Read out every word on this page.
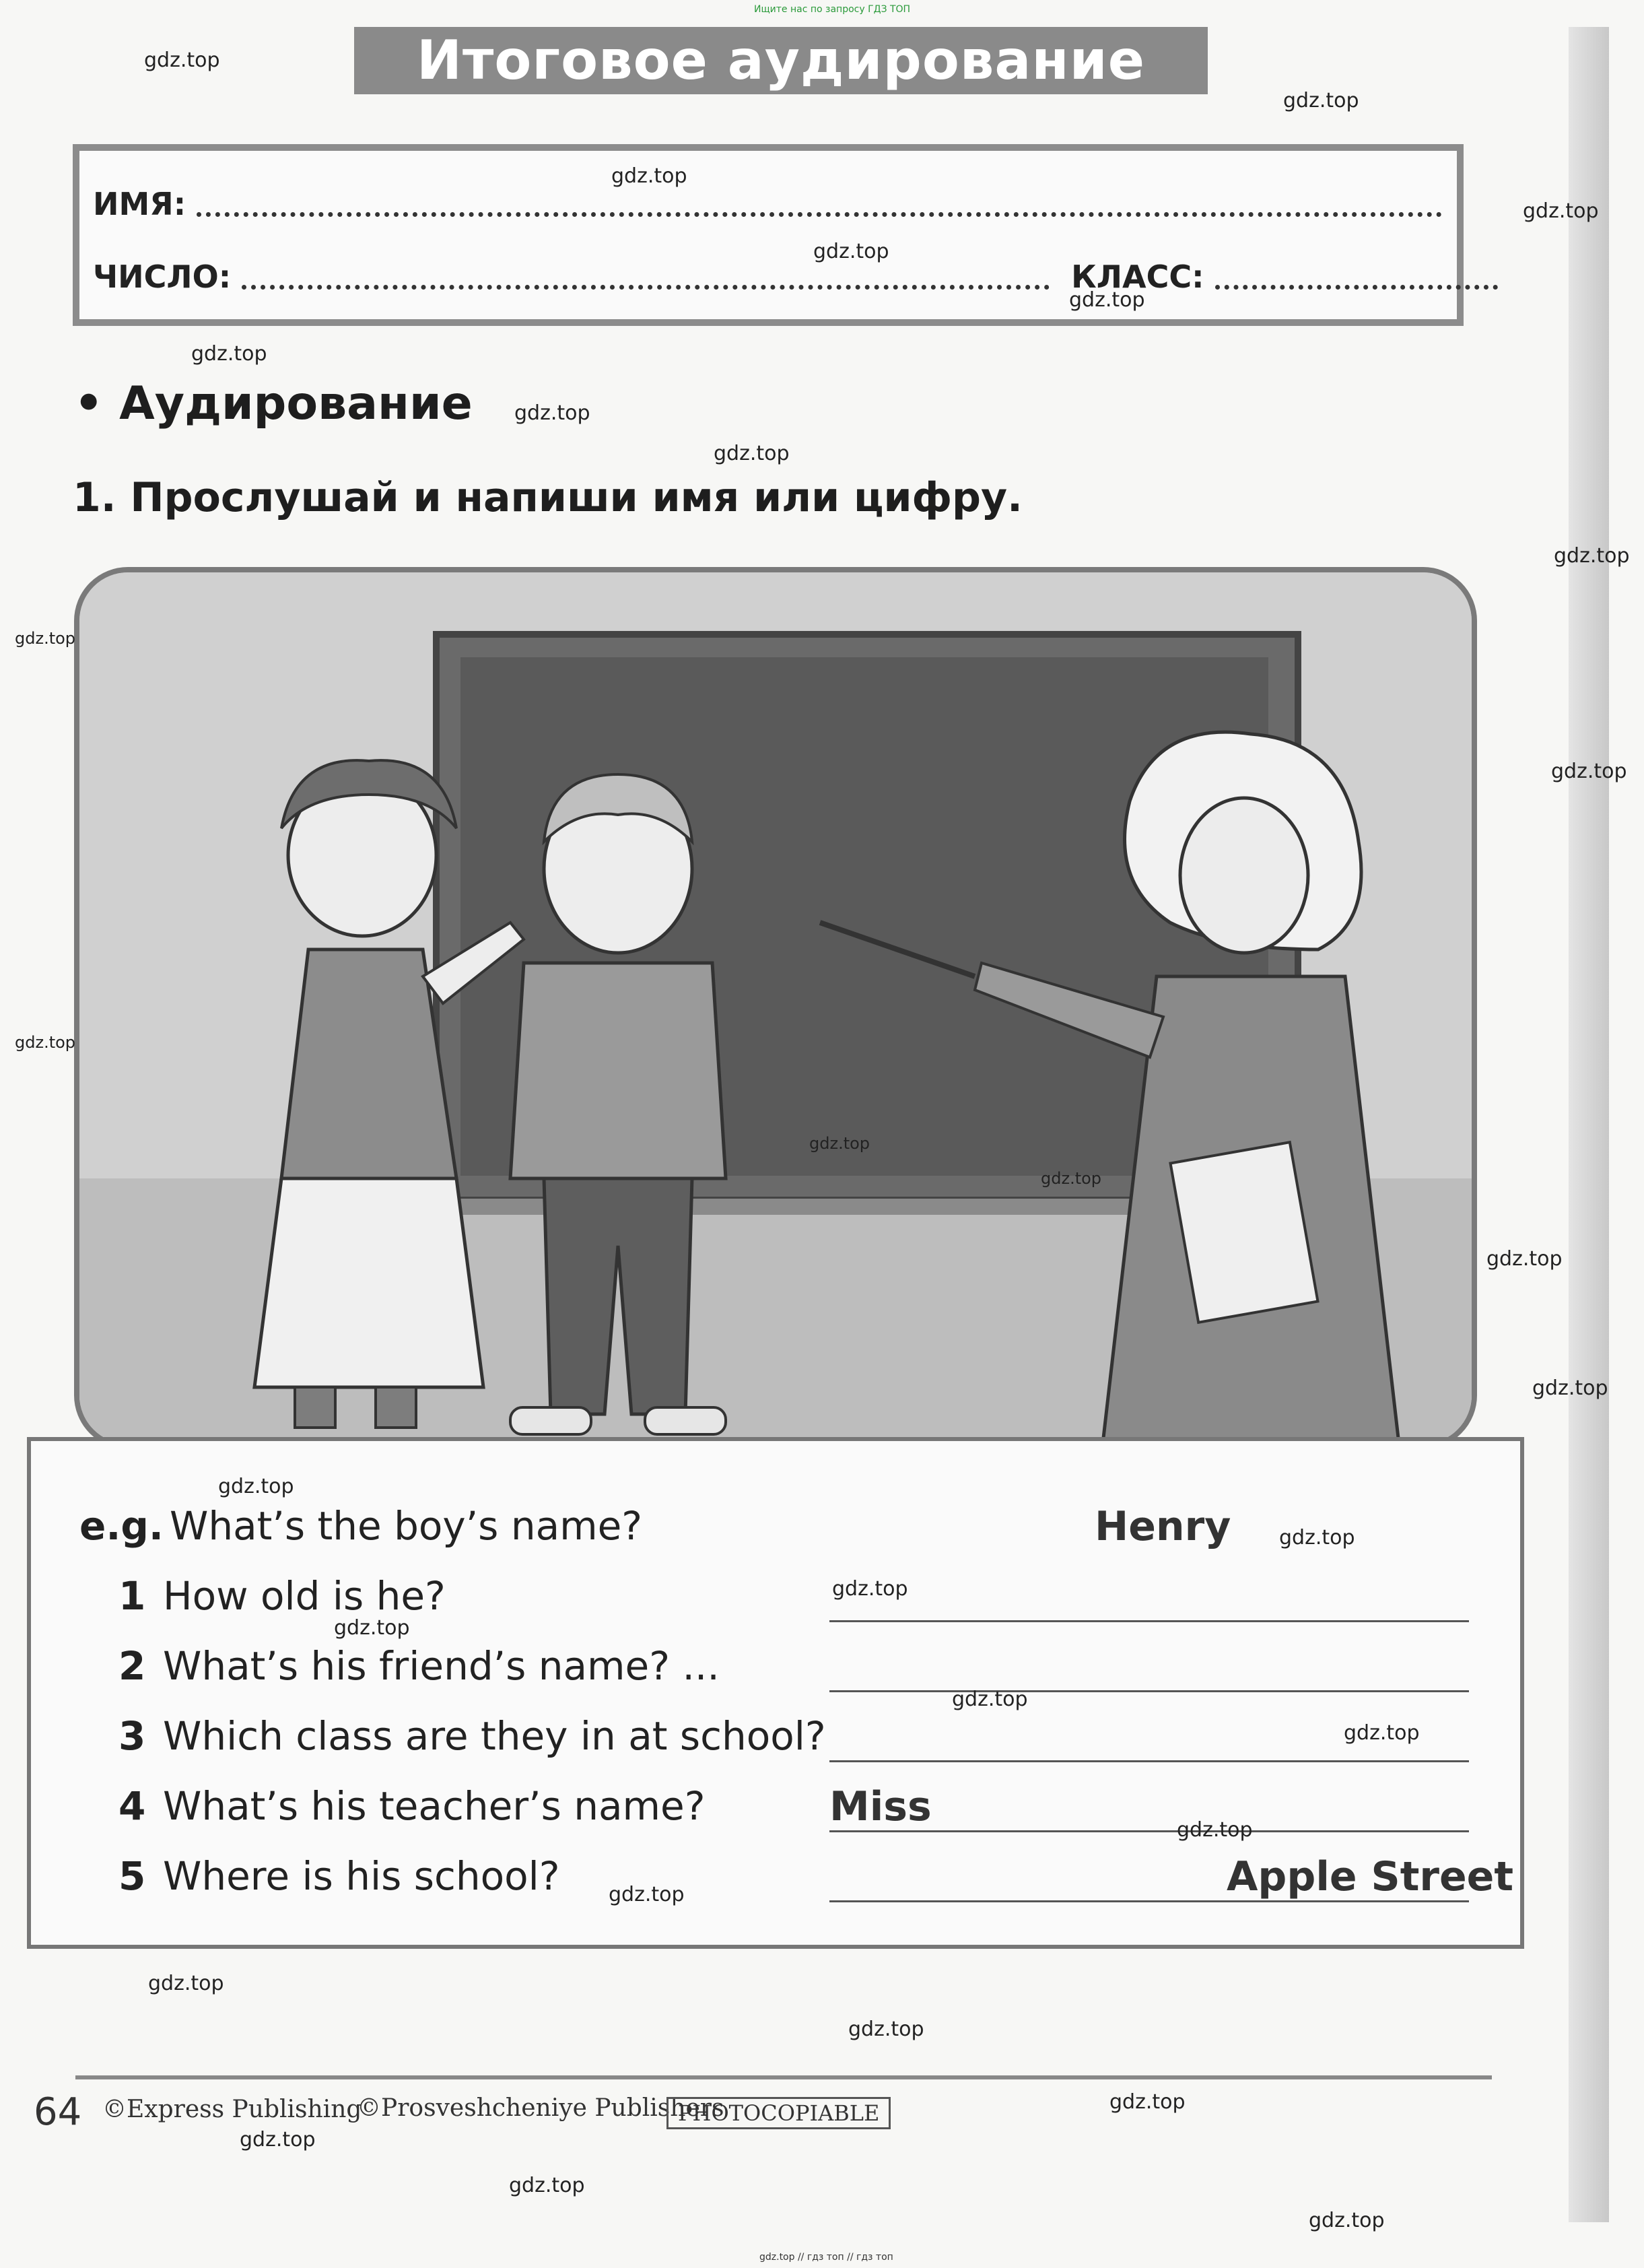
Ищите нас по запросу ГДЗ ТОП
Итоговое аудирование
ИМЯ:
ЧИСЛО:	КЛАСС:
• Аудирование
1. Прослушай и напиши имя или цифру.
e.g. What’s the boy’s name?	Henry
1 How old is he?
2 What’s his friend’s name? ...
3 Which class are they in at school?
4 What’s his teacher’s name?	Miss
5 Where is his school?	Apple Street
64 ©Express Publishing
©Prosveshcheniye Publishers
PHOTOCOPIABLE
gdz.top
gdz.top
gdz.top
gdz.top
gdz.top
gdz.top
gdz.top
gdz.top
gdz.top
gdz.top
gdz.top
gdz.top
gdz.top
gdz.top
gdz.top
gdz.top
gdz.top
gdz.top
gdz.top
gdz.top
gdz.top
gdz.top
gdz.top
gdz.top
gdz.top
gdz.top
gdz.top
gdz.top
gdz.top
gdz.top
gdz.top
gdz.top // гдз топ // гдз топ
